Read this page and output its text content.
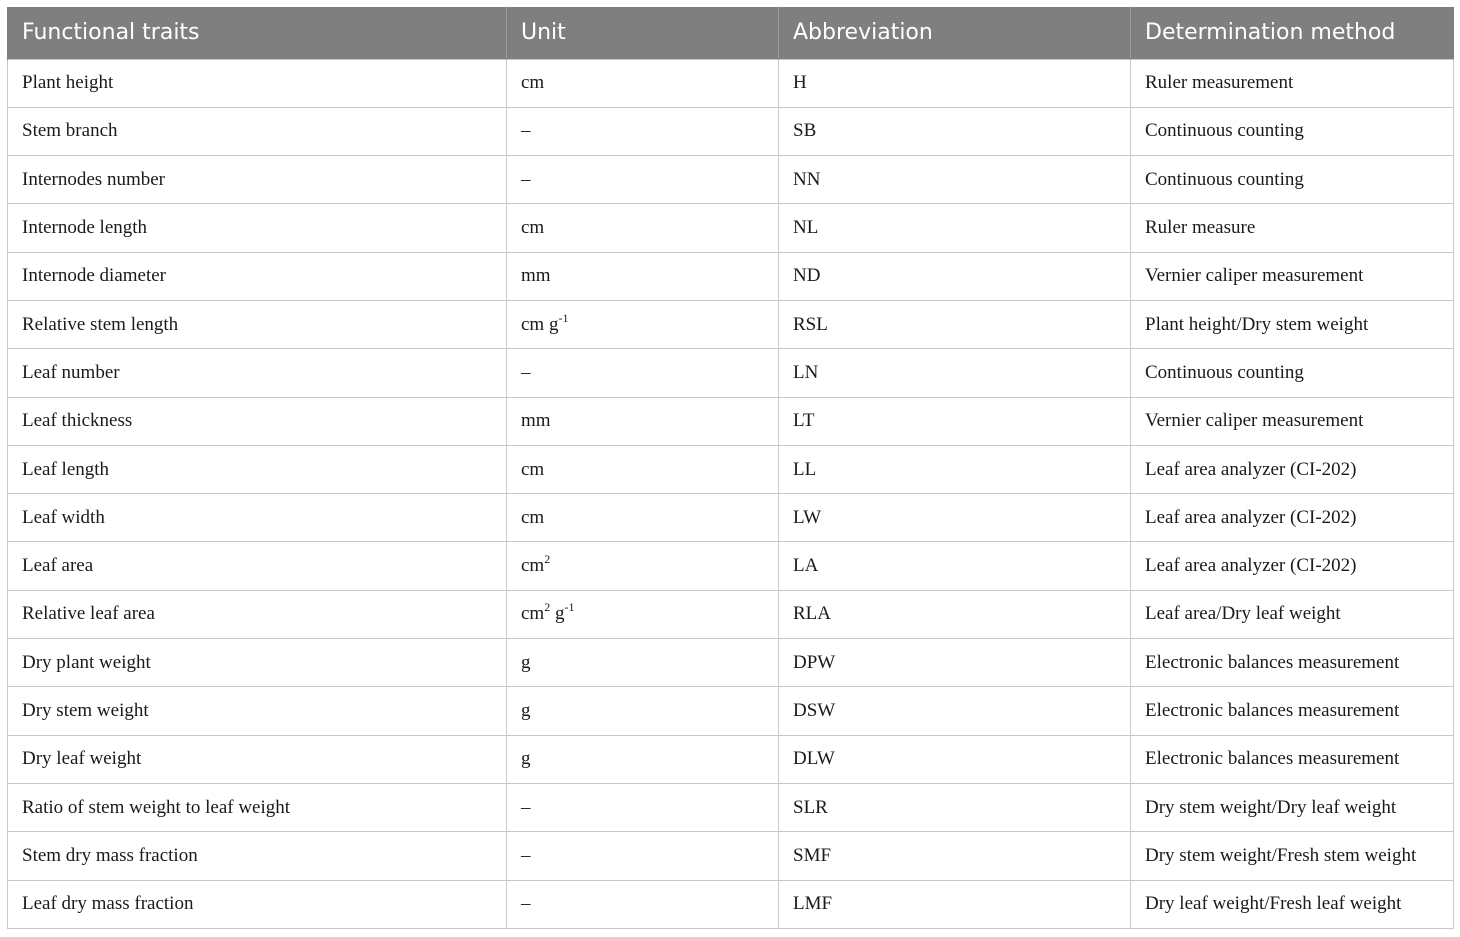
Functional traits	Unit	Abbreviation	Determination method
Plant height	cm	H	Ruler measurement
Stem branch	–	SB	Continuous counting
Internodes number	–	NN	Continuous counting
Internode length	cm	NL	Ruler measure
Internode diameter	mm	ND	Vernier caliper measurement
Relative stem length	cm $g^{-1}$	RSL	Plant height/Dry stem weight
Leaf number	–	LN	Continuous counting
Leaf thickness	mm	LT	Vernier caliper measurement
Leaf length	cm	LL	Leaf area analyzer (CI-202)
Leaf width	cm	LW	Leaf area analyzer (CI-202)
Leaf area	$cm^2$	LA	Leaf area analyzer (CI-202)
Relative leaf area	$cm^2$ $g^{-1}$	RLA	Leaf area/Dry leaf weight
Dry plant weight	g	DPW	Electronic balances measurement
Dry stem weight	g	DSW	Electronic balances measurement
Dry leaf weight	g	DLW	Electronic balances measurement
Ratio of stem weight to leaf weight	–	SLR	Dry stem weight/Dry leaf weight
Stem dry mass fraction	–	SMF	Dry stem weight/Fresh stem weight
Leaf dry mass fraction	–	LMF	Dry leaf weight/Fresh leaf weight
